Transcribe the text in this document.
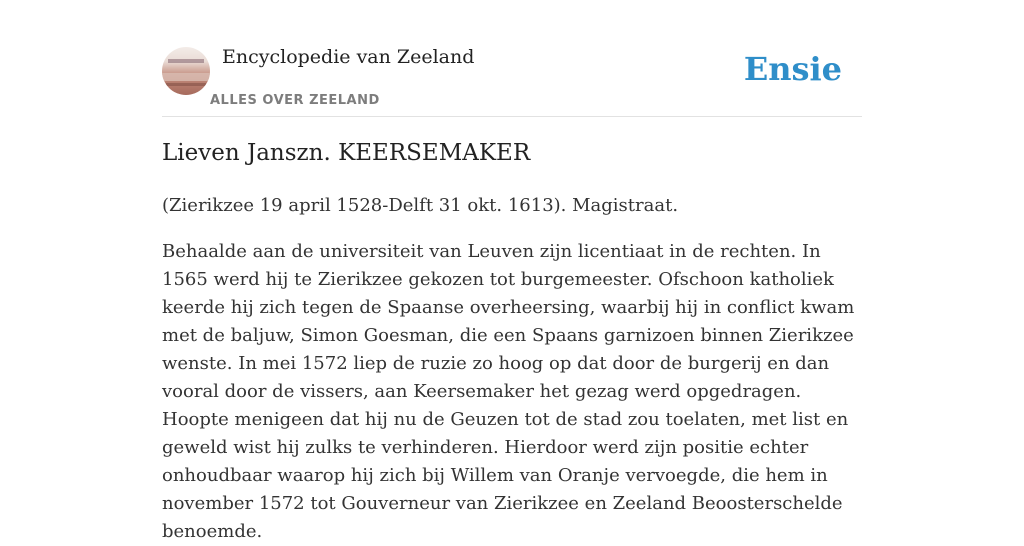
Encyclopedie van Zeeland
ALLES OVER ZEELAND
Ensie
Lieven Janszn. KEERSEMAKER

(Zierikzee 19 april 1528-Delft 31 okt. 1613). Magistraat.

Behaalde aan de universiteit van Leuven zijn licentiaat in de rechten. In 1565 werd hij te Zierikzee gekozen tot burgemeester. Ofschoon katholiek keerde hij zich tegen de Spaanse overheersing, waarbij hij in conflict kwam met de baljuw, Simon Goesman, die een Spaans garnizoen binnen Zierikzee wenste. In mei 1572 liep de ruzie zo hoog op dat door de burgerij en dan vooral door de vissers, aan Keersemaker het gezag werd opgedragen. Hoopte menigeen dat hij nu de Geuzen tot de stad zou toelaten, met list en geweld wist hij zulks te verhinderen. Hierdoor werd zijn positie echter onhoudbaar waarop hij zich bij Willem van Oranje vervoegde, die hem in november 1572 tot Gouverneur van Zierikzee en Zeeland Beoosterschelde benoemde.
